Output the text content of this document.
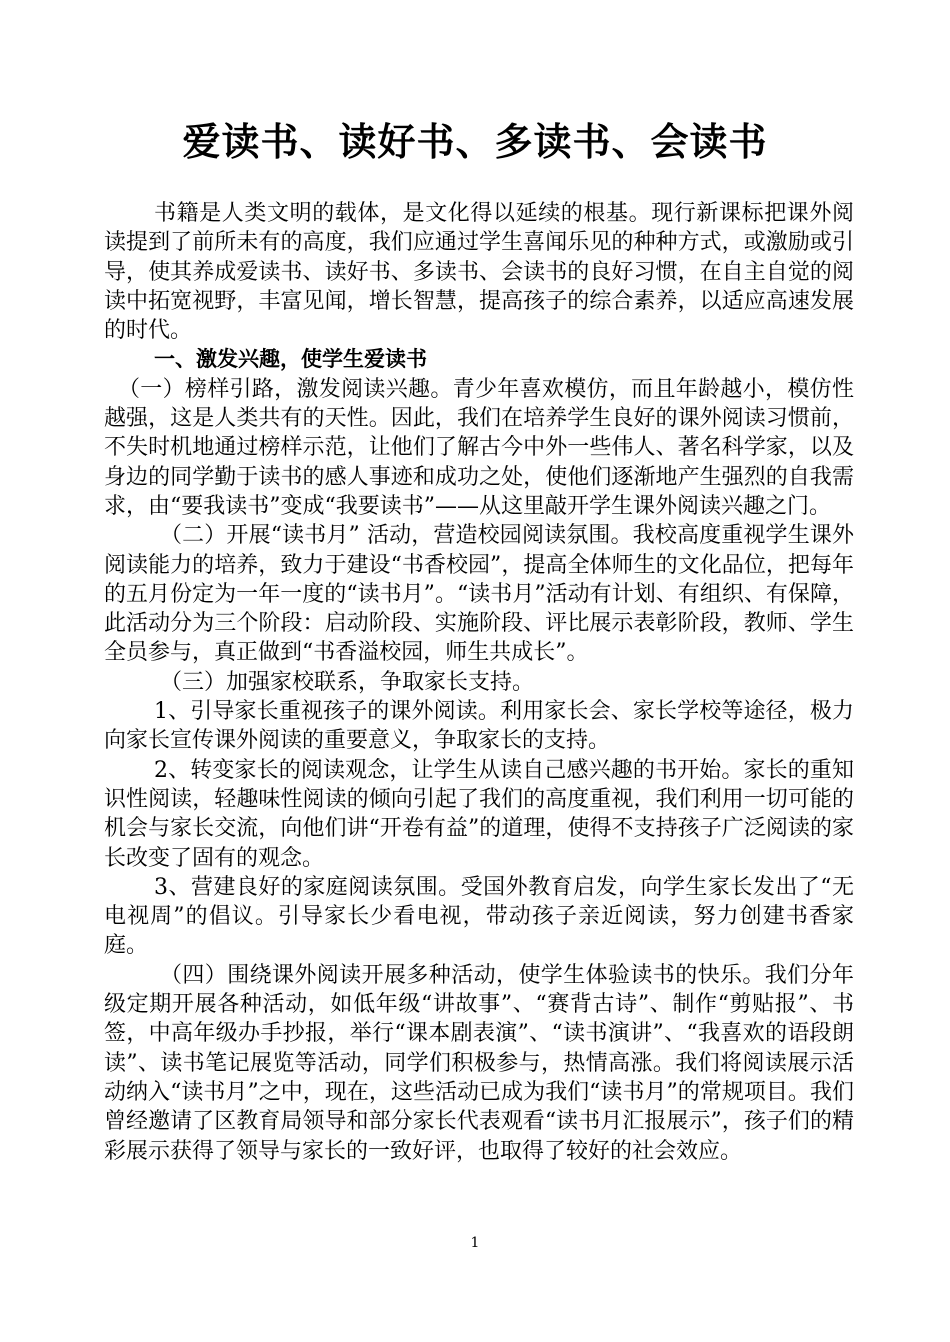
爱读书、读好书、多读书、会读书

书籍是人类文明的载体，是文化得以延续的根基。现行新课标把课外阅读提到了前所未有的高度，我们应通过学生喜闻乐见的种种方式，或激励或引导，使其养成爱读书、读好书、多读书、会读书的良好习惯，在自主自觉的阅读中拓宽视野，丰富见闻，增长智慧，提高孩子的综合素养，以适应高速发展的时代。

一、激发兴趣，使学生爱读书

（一）榜样引路，激发阅读兴趣。青少年喜欢模仿，而且年龄越小，模仿性越强，这是人类共有的天性。因此，我们在培养学生良好的课外阅读习惯前，不失时机地通过榜样示范，让他们了解古今中外一些伟人、著名科学家，以及身边的同学勤于读书的感人事迹和成功之处，使他们逐渐地产生强烈的自我需求，由“要我读书”变成“我要读书”——从这里敲开学生课外阅读兴趣之门。

（二）开展“读书月” 活动，营造校园阅读氛围。我校高度重视学生课外阅读能力的培养，致力于建设“书香校园”，提高全体师生的文化品位，把每年的五月份定为一年一度的“读书月”。“读书月”活动有计划、有组织、有保障，此活动分为三个阶段：启动阶段、实施阶段、评比展示表彰阶段，教师、学生全员参与，真正做到“书香溢校园，师生共成长”。

（三）加强家校联系，争取家长支持。

1、引导家长重视孩子的课外阅读。利用家长会、家长学校等途径，极力向家长宣传课外阅读的重要意义，争取家长的支持。

2、转变家长的阅读观念，让学生从读自己感兴趣的书开始。家长的重知识性阅读，轻趣味性阅读的倾向引起了我们的高度重视，我们利用一切可能的机会与家长交流，向他们讲“开卷有益”的道理，使得不支持孩子广泛阅读的家长改变了固有的观念。

3、营建良好的家庭阅读氛围。受国外教育启发，向学生家长发出了“无电视周”的倡议。引导家长少看电视，带动孩子亲近阅读，努力创建书香家庭。

（四）围绕课外阅读开展多种活动，使学生体验读书的快乐。我们分年级定期开展各种活动，如低年级“讲故事”、“赛背古诗”、制作“剪贴报”、书签，中高年级办手抄报，举行“课本剧表演”、“读书演讲”、“我喜欢的语段朗读”、读书笔记展览等活动，同学们积极参与，热情高涨。我们将阅读展示活动纳入“读书月”之中，现在，这些活动已成为我们“读书月”的常规项目。我们曾经邀请了区教育局领导和部分家长代表观看“读书月汇报展示”，孩子们的精彩展示获得了领导与家长的一致好评，也取得了较好的社会效应。

1
